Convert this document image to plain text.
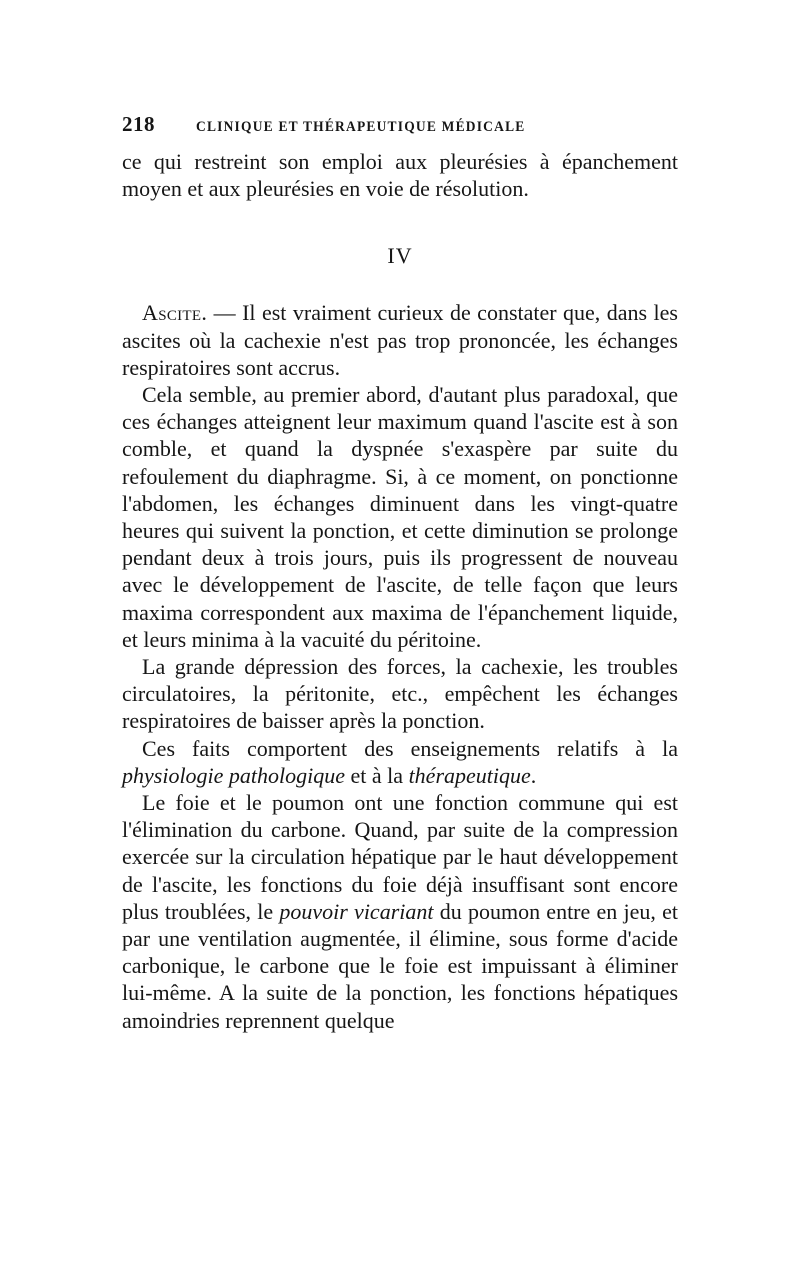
218	CLINIQUE ET THÉRAPEUTIQUE MÉDICALE

ce qui restreint son emploi aux pleurésies à épanchement moyen et aux pleurésies en voie de résolution.

IV

Ascite. — Il est vraiment curieux de constater que, dans les ascites où la cachexie n'est pas trop prononcée, les échanges respiratoires sont accrus.

Cela semble, au premier abord, d'autant plus paradoxal, que ces échanges atteignent leur maximum quand l'ascite est à son comble, et quand la dyspnée s'exaspère par suite du refoulement du diaphragme. Si, à ce moment, on ponctionne l'abdomen, les échanges diminuent dans les vingt-quatre heures qui suivent la ponction, et cette diminution se prolonge pendant deux à trois jours, puis ils progressent de nouveau avec le développement de l'ascite, de telle façon que leurs maxima correspondent aux maxima de l'épanchement liquide, et leurs minima à la vacuité du péritoine.

La grande dépression des forces, la cachexie, les troubles circulatoires, la péritonite, etc., empêchent les échanges respiratoires de baisser après la ponction.

Ces faits comportent des enseignements relatifs à la physiologie pathologique et à la thérapeutique.

Le foie et le poumon ont une fonction commune qui est l'élimination du carbone. Quand, par suite de la compression exercée sur la circulation hépatique par le haut développement de l'ascite, les fonctions du foie déjà insuffisant sont encore plus troublées, le pouvoir vicariant du poumon entre en jeu, et par une ventilation augmentée, il élimine, sous forme d'acide carbonique, le carbone que le foie est impuissant à éliminer lui-même. A la suite de la ponction, les fonctions hépatiques amoindries reprennent quelque
